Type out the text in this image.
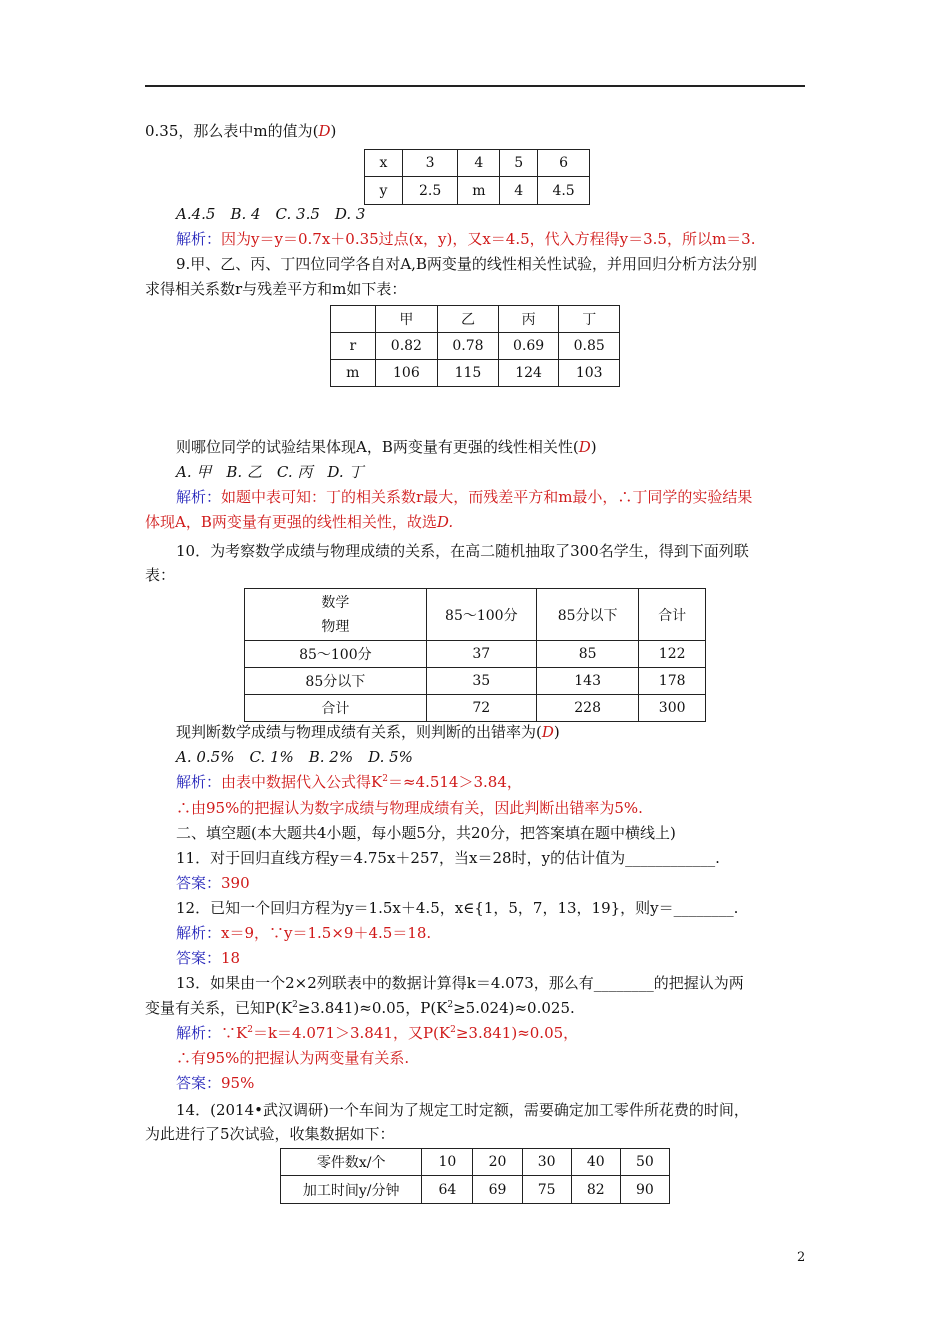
0.35，那么表中m的值为(D)
x	3	4	5	6
y	2.5	m	4	4.5
A.4.5　B. 4　C. 3.5　D. 3
解析：因为y＝y＝0.7x＋0.35过点(x，y)，又x＝4.5，代入方程得y＝3.5，所以m＝3.
9.甲、乙、丙、丁四位同学各自对A,B两变量的线性相关性试验，并用回归分析方法分别
求得相关系数r与残差平方和m如下表：
	甲	乙	丙	丁
r	0.82	0.78	0.69	0.85
m	106	115	124	103
则哪位同学的试验结果体现A，B两变量有更强的线性相关性(D)
A. 甲　B. 乙　C. 丙　D. 丁
解析：如题中表可知：丁的相关系数r最大，而残差平方和m最小，∴丁同学的实验结果
体现A，B两变量有更强的线性相关性，故选D.
10．为考察数学成绩与物理成绩的关系，在高二随机抽取了300名学生，得到下面列联
表：
数学
物理	85～100分	85分以下	合计
85～100分	37	85	122
85分以下	35	143	178
合计	72	228	300
现判断数学成绩与物理成绩有关系，则判断的出错率为(D)
A. 0.5%　C. 1%　B. 2%　D. 5%
解析：由表中数据代入公式得$K^2=\approx 4.514>3.84$，
∴由95%的把握认为数字成绩与物理成绩有关，因此判断出错率为5%.
二、填空题(本大题共4小题，每小题5分，共20分，把答案填在题中横线上)
11．对于回归直线方程y＝4.75x＋257，当x＝28时，y的估计值为____________.
答案：390
12．已知一个回归方程为y＝1.5x＋4.5，x∈{1，5，7，13，19}，则y＝________.
解析：x＝9，∵y＝1.5×9＋4.5＝18.
答案：18
13．如果由一个2×2列联表中的数据计算得k＝4.073，那么有________的把握认为两
变量有关系，已知$P(K^2\ge 3.841)\approx 0.05$，$P(K^2\ge 5.024)\approx 0.025$.
解析：$\because K^2=k=4.071>3.841$，又$P(K^2\ge 3.841)\approx 0.05$，
∴有95%的把握认为两变量有关系.
答案：95%
14．(2014•武汉调研)一个车间为了规定工时定额，需要确定加工零件所花费的时间，
为此进行了5次试验，收集数据如下：
零件数x/个	10	20	30	40	50
加工时间y/分钟	64	69	75	82	90
2
